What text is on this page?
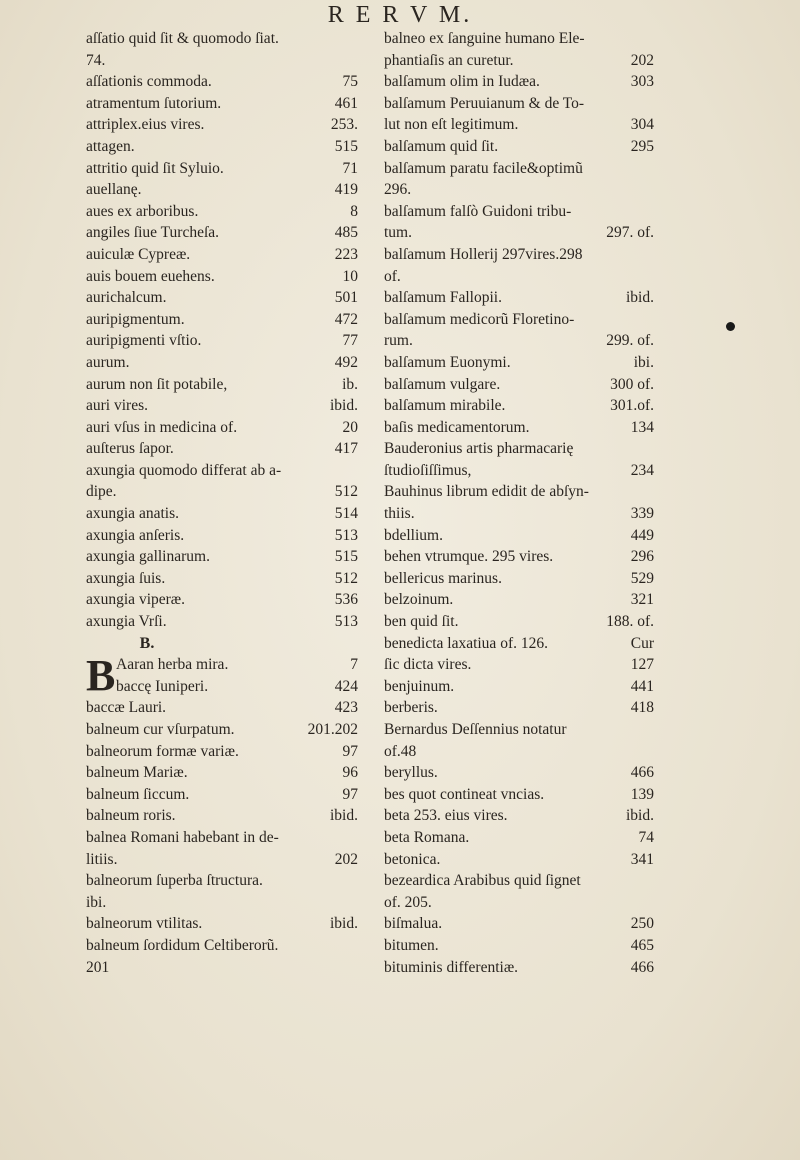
R E R V M.
aſſatio quid ſit & quomodo ſiat.
74.
aſſationis commoda.	75
atramentum ſutorium.	461
attriplex.eius vires.	253.
attagen.	515
attritio quid ſit Syluio.	71
auellanę.	419
aues ex arboribus.	8
angiles ſiue Turcheſa.	485
auiculæ Cypreæ.	223
auis bouem euehens.	10
aurichalcum.	501
auripigmentum.	472
auripigmenti vſtio.	77
aurum.	492
aurum non ſit potabile,	ib.
auri vires.	ibid.
auri vſus in medicina of.	20
auſterus ſapor.	417
axungia quomodo differat ab a-
dipe.	512
axungia anatis.	514
axungia anſeris.	513
axungia gallinarum.	515
axungia ſuis.	512
axungia viperæ.	536
axungia Vrſi.	513
B.
B Aaran herba mira.	7
baccę Iuniperi.	424
baccæ Lauri.	423
balneum cur vſurpatum.	201.202
balneorum formæ variæ.	97
balneum Mariæ.	96
balneum ſiccum.	97
balneum roris.	ibid.
balnea Romani habebant in de-
litiis.	202
balneorum ſuperba ſtructura.
ibi.
balneorum vtilitas.	ibid.
balneum ſordidum Celtiberorũ.
201
balneo ex ſanguine humano Ele-
phantiaſis an curetur.	202
balſamum olim in Iudæa.	303
balſamum Peruuianum & de To-
lut non eſt legitimum.	304
balſamum quid ſit.	295
balſamum paratu facile&optimũ
296.
balſamum falſò Guidoni tribu-
tum.	297. of.
balſamum Hollerij 297vires.298
of.
balſamum Fallopii.	ibid.
balſamum medicorũ Floretino-
rum.	299. of.
balſamum Euonymi.	ibi.
balſamum vulgare.	300 of.
balſamum mirabile.	301.of.
baſis medicamentorum.	134
Bauderonius artis pharmacarię
ſtudioſiſſimus,	234
Bauhinus librum edidit de abſyn-
thiis.	339
bdellium.	449
behen vtrumque. 295 vires.	296
bellericus marinus.	529
belzoinum.	321
ben quid ſit.	188. of.
benedicta laxatiua of. 126.	Cur
ſic dicta vires.	127
benjuinum.	441
berberis.	418
Bernardus Deſſennius notatur
of.48
beryllus.	466
bes quot contineat vncias.	139
beta 253. eius vires.	ibid.
beta Romana.	74
betonica.	341
bezeardica Arabibus quid ſignet
of. 205.
biſmalua.	250
bitumen.	465
bituminis differentiæ.	466
